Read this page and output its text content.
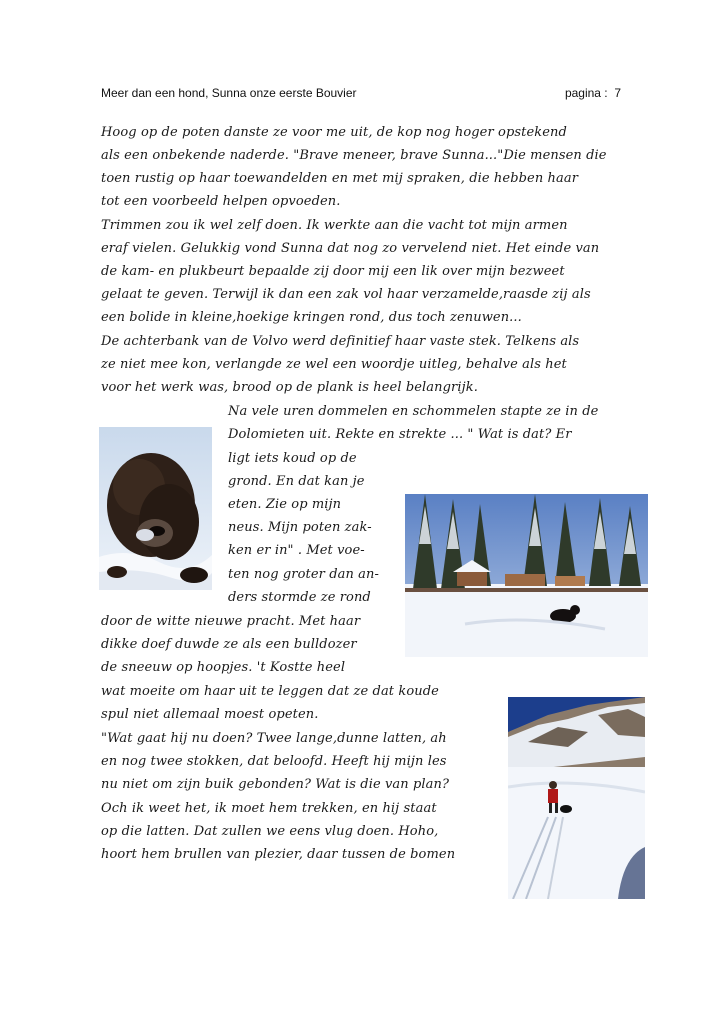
Meer dan een hond, Sunna onze eerste Bouvier	pagina : 7
Hoog op de poten danste ze voor me uit, de kop nog hoger opstekend
als een onbekende naderde. "Brave meneer, brave Sunna..."Die mensen die
toen rustig op haar toewandelden en met mij spraken, die hebben haar
tot een voorbeeld helpen opvoeden.
Trimmen zou ik wel zelf doen. Ik werkte aan die vacht tot mijn armen
eraf vielen. Gelukkig vond Sunna dat nog zo vervelend niet. Het einde van
de kam- en plukbeurt bepaalde zij door mij een lik over mijn bezweet
gelaat te geven. Terwijl ik dan een zak vol haar verzamelde,raasde zij als
een bolide in kleine,hoekige kringen rond, dus toch zenuwen...
De achterbank van de Volvo werd definitief haar vaste stek. Telkens als
ze niet mee kon, verlangde ze wel een woordje uitleg, behalve als het
voor het werk was, brood op de plank is heel belangrijk.
Na vele uren dommelen en schommelen stapte ze in de
Dolomieten uit. Rekte en strekte ... " Wat is dat? Er
ligt iets koud op de
grond. En dat kan je
eten. Zie op mijn
neus. Mijn poten zak-
ken er in" . Met voe-
ten nog groter dan an-
ders stormde ze rond
door de witte nieuwe pracht. Met haar
dikke doef duwde ze als een bulldozer
de sneeuw op hoopjes. 't Kostte heel
wat moeite om haar uit te leggen dat ze dat koude
spul niet allemaal moest opeten.
"Wat gaat hij nu doen? Twee lange,dunne latten, ah
en nog twee stokken, dat beloofd. Heeft hij mijn les
nu niet om zijn buik gebonden? Wat is die van plan?
Och ik weet het, ik moet hem trekken, en hij staat
op die latten. Dat zullen we eens vlug doen. Hoho,
hoort hem brullen van plezier, daar tussen de bomen
